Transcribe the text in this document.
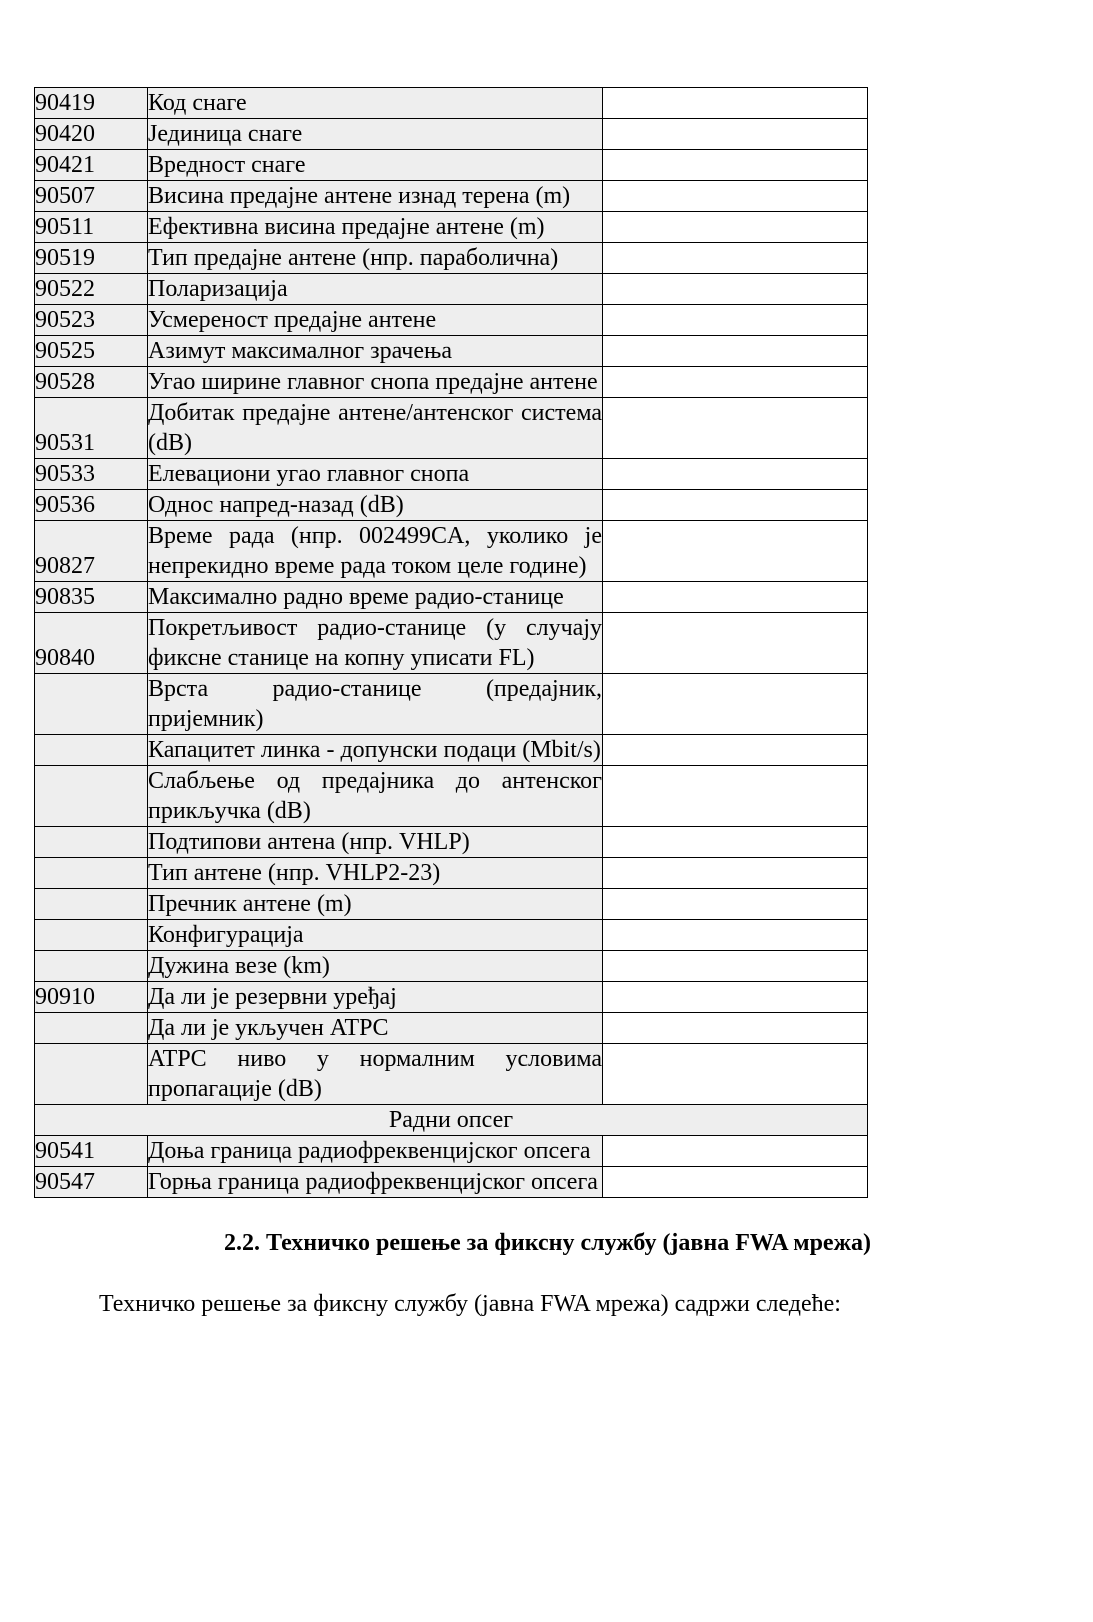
90419	Код снаге	
90420	Јединица снаге	
90421	Вредност снаге	
90507	Висина предајне антене изнад терена (m)	
90511	Ефективна висина предајне антене (m)	
90519	Тип предајне антене (нпр. параболична)	
90522	Поларизација	
90523	Усмереност предајне антене	
90525	Азимут максималног зрачења	
90528	Угао ширине главног снопа предајне антене	
90531	Добитак предајне антене/антенског система (dB)	
90533	Елевациони угао главног снопа	
90536	Однос напред-назад (dB)	
90827	Време рада (нпр. 002499CA, уколико је непрекидно време рада током целе године)	
90835	Максимално радно време радио-станице	
90840	Покретљивост радио-станице (у случају фиксне станице на копну уписати FL)	
	Врста радио-станице (предајник, пријемник)	
	Капацитет линка - допунски подаци (Mbit/s)	
	Слабљење од предајника до антенског прикључка (dB)	
	Подтипови антена (нпр. VHLP)	
	Тип антене (нпр. VHLP2-23)	
	Пречник антене (m)	
	Конфигурација	
	Дужина везе (km)	
90910	Да ли је резервни уређај	
	Да ли је укључен ATPC	
	ATPC ниво у нормалним условима пропагације (dB)	
Радни опсег		
90541	Доња граница радиофреквенцијског опсега	
90547	Горња граница радиофреквенцијског опсега	
2.2. Техничко решење за фиксну службу (јавна FWA мрежа)

Техничко решење за фиксну службу (јавна FWA мрежа) садржи следеће:
